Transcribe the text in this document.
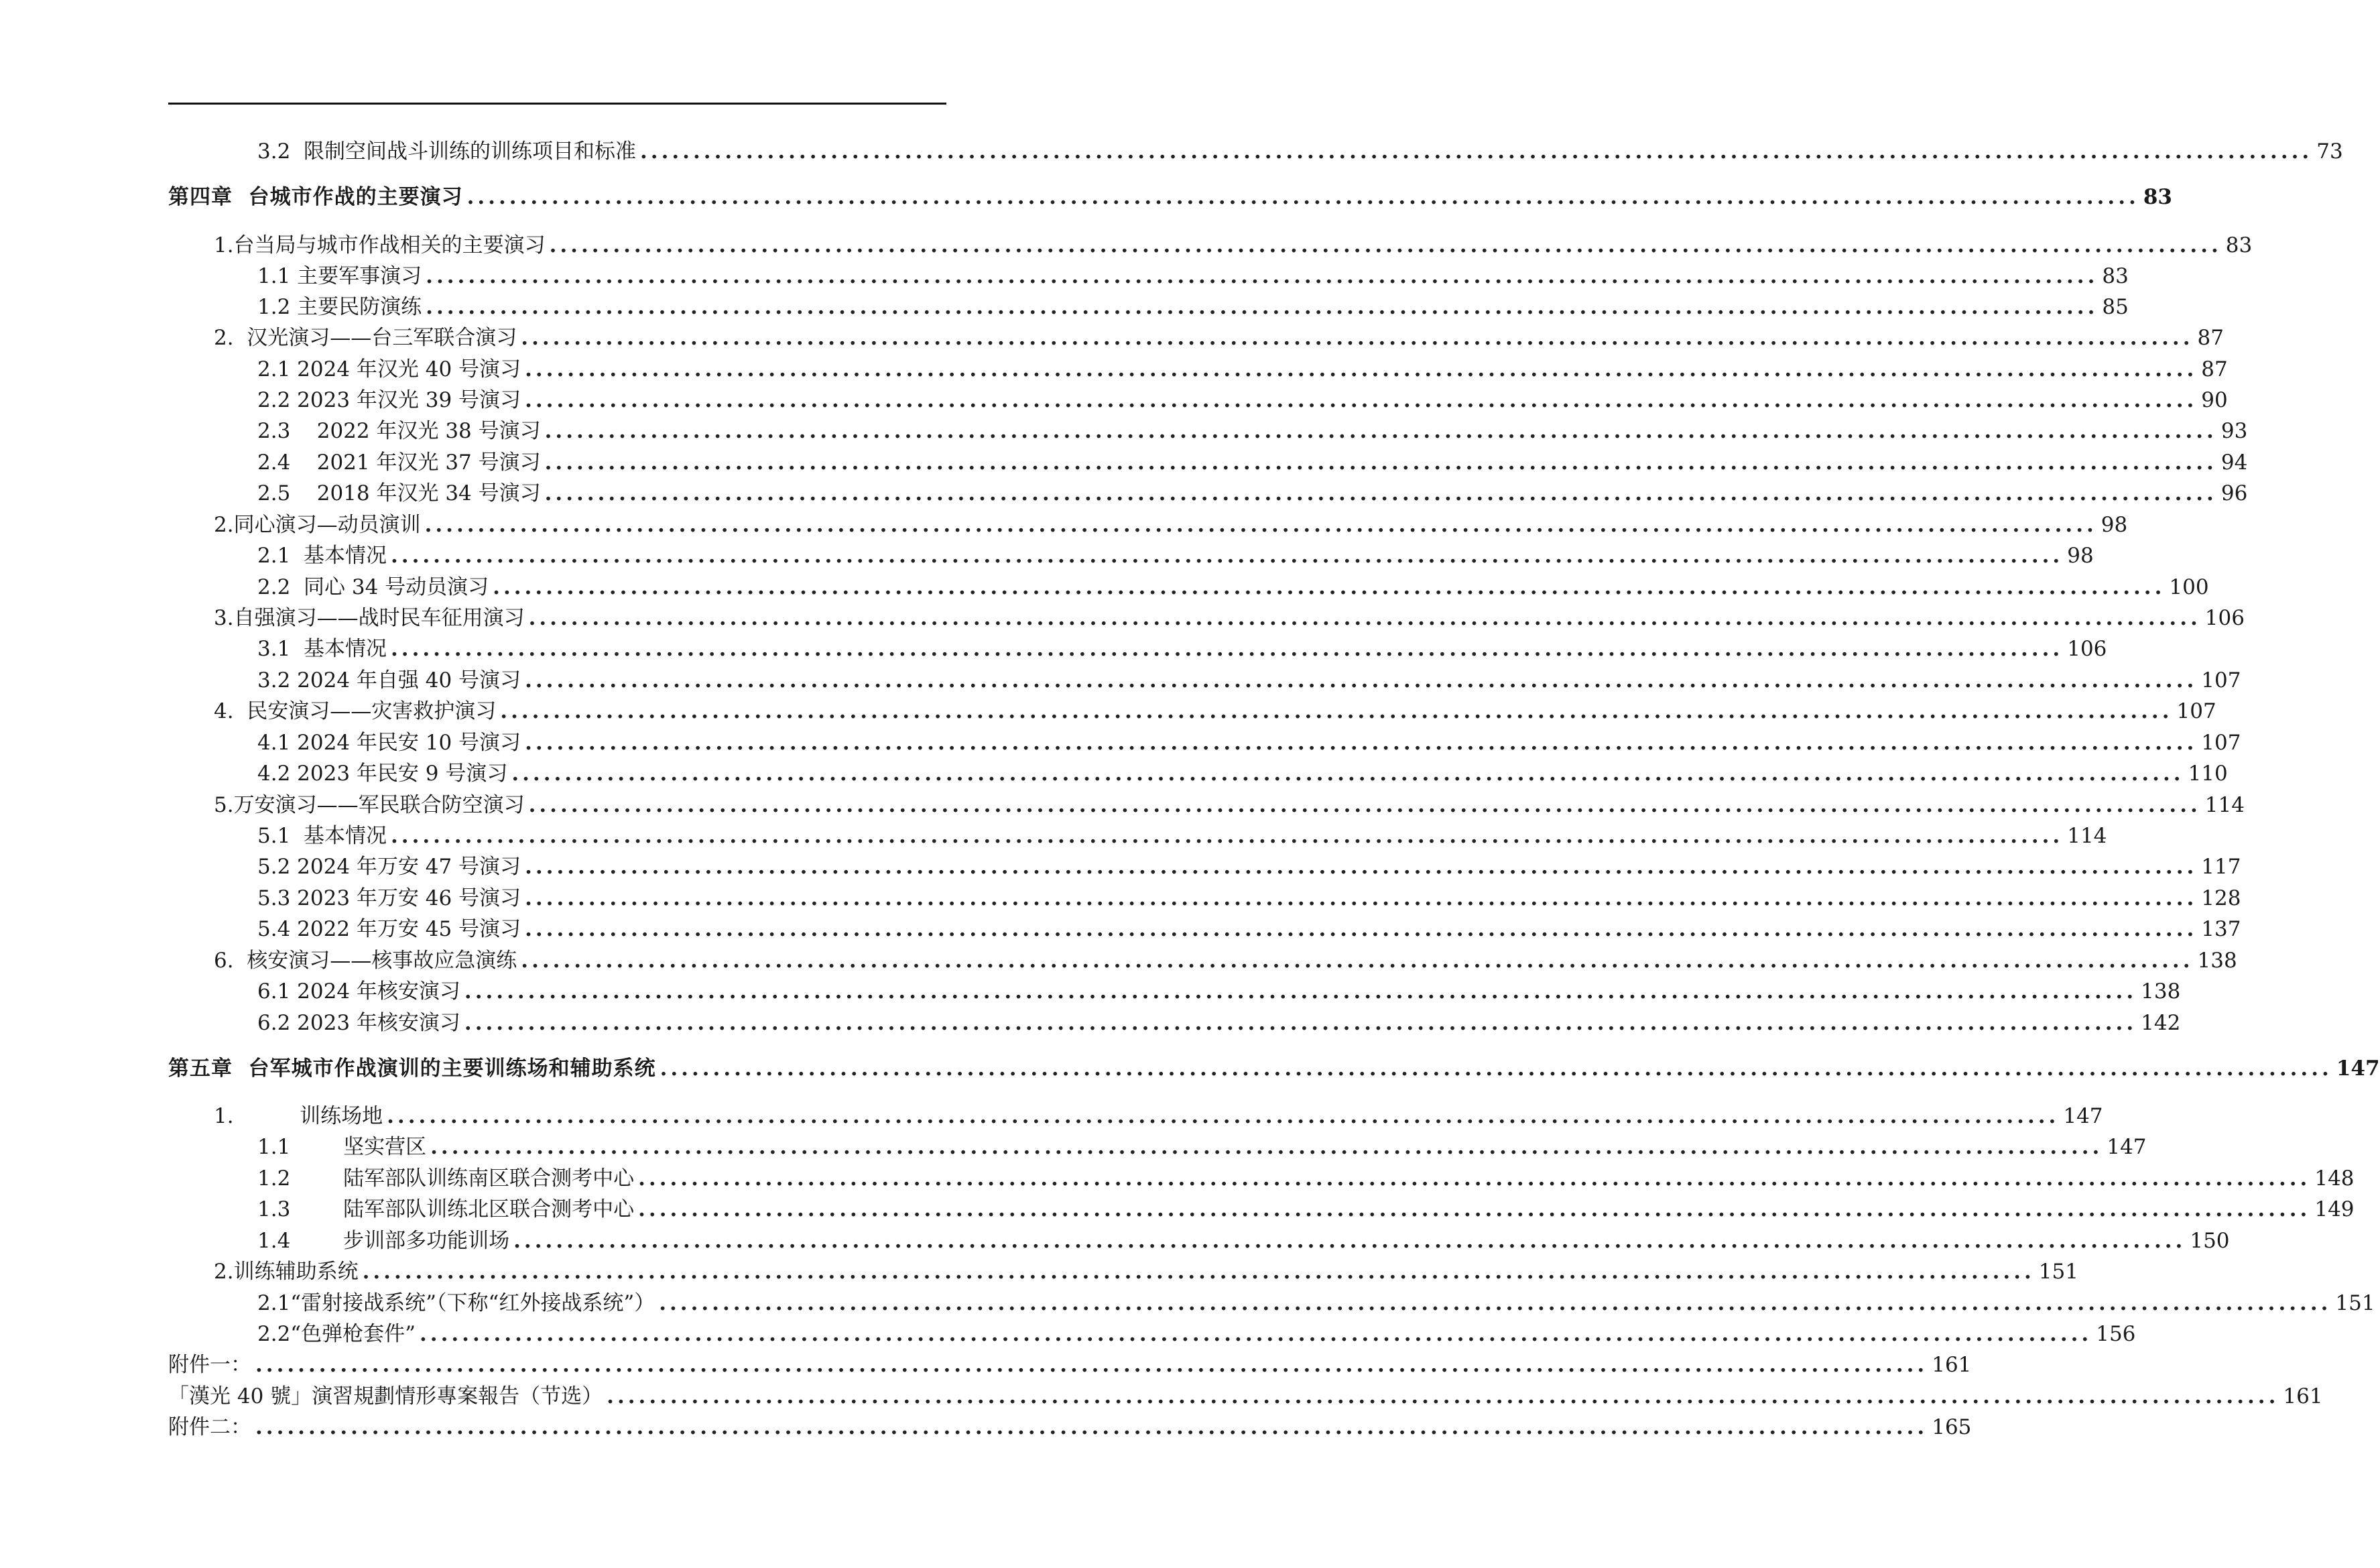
3.2  限制空间战斗训练的训练项目和标准 .............................................................................................................................................................. 73
第四章  台城市作战的主要演习 .............................................................................................................................................................. 83
1.台当局与城市作战相关的主要演习 .............................................................................................................................................................. 83
1.1 主要军事演习 .............................................................................................................................................................. 83
1.2 主要民防演练 .............................................................................................................................................................. 85
2.  汉光演习——台三军联合演习 .............................................................................................................................................................. 87
2.1 2024 年汉光 40 号演习 .............................................................................................................................................................. 87
2.2 2023 年汉光 39 号演习 .............................................................................................................................................................. 90
2.3    2022 年汉光 38 号演习 .............................................................................................................................................................. 93
2.4    2021 年汉光 37 号演习 .............................................................................................................................................................. 94
2.5    2018 年汉光 34 号演习 .............................................................................................................................................................. 96
2.同心演习—动员演训 .............................................................................................................................................................. 98
2.1  基本情况 .............................................................................................................................................................. 98
2.2  同心 34 号动员演习 .............................................................................................................................................................. 100
3.自强演习——战时民车征用演习 .............................................................................................................................................................. 106
3.1  基本情况 .............................................................................................................................................................. 106
3.2 2024 年自强 40 号演习 .............................................................................................................................................................. 107
4.  民安演习——灾害救护演习 .............................................................................................................................................................. 107
4.1 2024 年民安 10 号演习 .............................................................................................................................................................. 107
4.2 2023 年民安 9 号演习 .............................................................................................................................................................. 110
5.万安演习——军民联合防空演习 .............................................................................................................................................................. 114
5.1  基本情况 .............................................................................................................................................................. 114
5.2 2024 年万安 47 号演习 .............................................................................................................................................................. 117
5.3 2023 年万安 46 号演习 .............................................................................................................................................................. 128
5.4 2022 年万安 45 号演习 .............................................................................................................................................................. 137
6.  核安演习——核事故应急演练 .............................................................................................................................................................. 138
6.1 2024 年核安演习 .............................................................................................................................................................. 138
6.2 2023 年核安演习 .............................................................................................................................................................. 142
第五章  台军城市作战演训的主要训练场和辅助系统 .............................................................................................................................................................. 147
1.          训练场地 .............................................................................................................................................................. 147
1.1        坚实营区 .............................................................................................................................................................. 147
1.2        陆军部队训练南区联合测考中心 .............................................................................................................................................................. 148
1.3        陆军部队训练北区联合测考中心 .............................................................................................................................................................. 149
1.4        步训部多功能训场 .............................................................................................................................................................. 150
2.训练辅助系统 .............................................................................................................................................................. 151
2.1“雷射接战系统”（下称“红外接战系统”） .............................................................................................................................................................. 151
2.2“色弹枪套件” .............................................................................................................................................................. 156
附件一： .............................................................................................................................................................. 161
「漢光 40 號」演習規劃情形專案報告（节选） .............................................................................................................................................................. 161
附件二： .............................................................................................................................................................. 165
